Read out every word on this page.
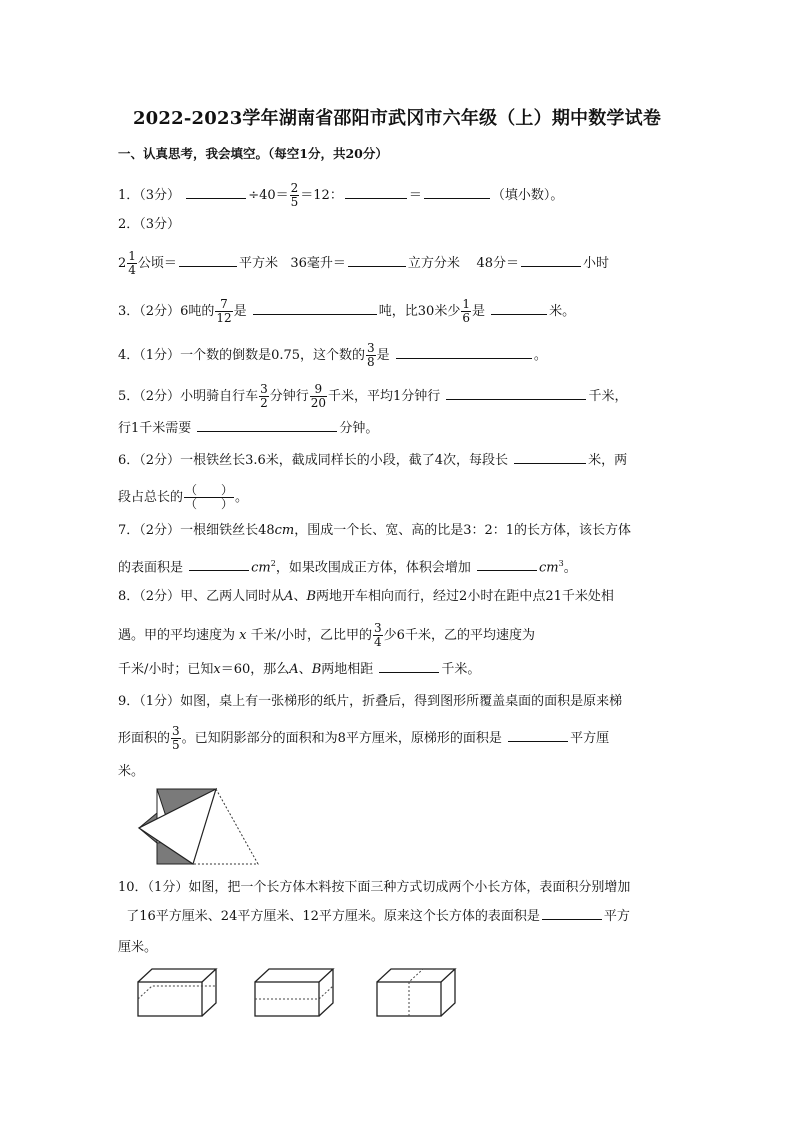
2022-2023学年湖南省邵阳市武冈市六年级（上）期中数学试卷
一、认真思考，我会填空。（每空1分，共20分）
1．（3分）	$\div 40= \frac{2}{5} =12$：	＝	（填小数）。
2．（3分）
$2 \frac{1}{4}$ 公顷＝	平方米 36毫升＝	立方分米 48分＝	小时
3．（2分）6吨的 $\frac{7}{12}$ 是	吨，比30米少 $\frac{1}{6}$ 是	米。
4．（1分）一个数的倒数是0.75，这个数的 $\frac{3}{8}$ 是	。
5．（2分）小明骑自行车 $\frac{3}{2}$ 分钟行 $\frac{9}{20}$ 千米，平均1分钟行	千米，
行1千米需要	分钟。
6．（2分）一根铁丝长3.6米，截成同样长的小段，截了4次，每段长	米，两
段占总长的 $\frac{( )}{( )}$ 。
7．（2分）一根细铁丝长48cm，围成一个长、宽、高的比是3：2：1的长方体，该长方体
的表面积是	$cm^2$，如果改围成正方体，体积会增加	$cm^3$。
8．（2分）甲、乙两人同时从A、B两地开车相向而行，经过2小时在距中点21千米处相
遇。甲的平均速度为 x 千米/小时，乙比甲的 $\frac{3}{4}$ 少6千米，乙的平均速度为
千米/小时；已知x＝60，那么A、B两地相距	千米。
9．（1分）如图，桌上有一张梯形的纸片，折叠后，得到图形所覆盖桌面的面积是原来梯
形面积的 $\frac{3}{5}$ 。已知阴影部分的面积和为8平方厘米，原梯形的面积是	平方厘
米。
10．（1分）如图，把一个长方体木料按下面三种方式切成两个小长方体，表面积分别增加
了16平方厘米、24平方厘米、12平方厘米。原来这个长方体的表面积是	平方
厘米。
